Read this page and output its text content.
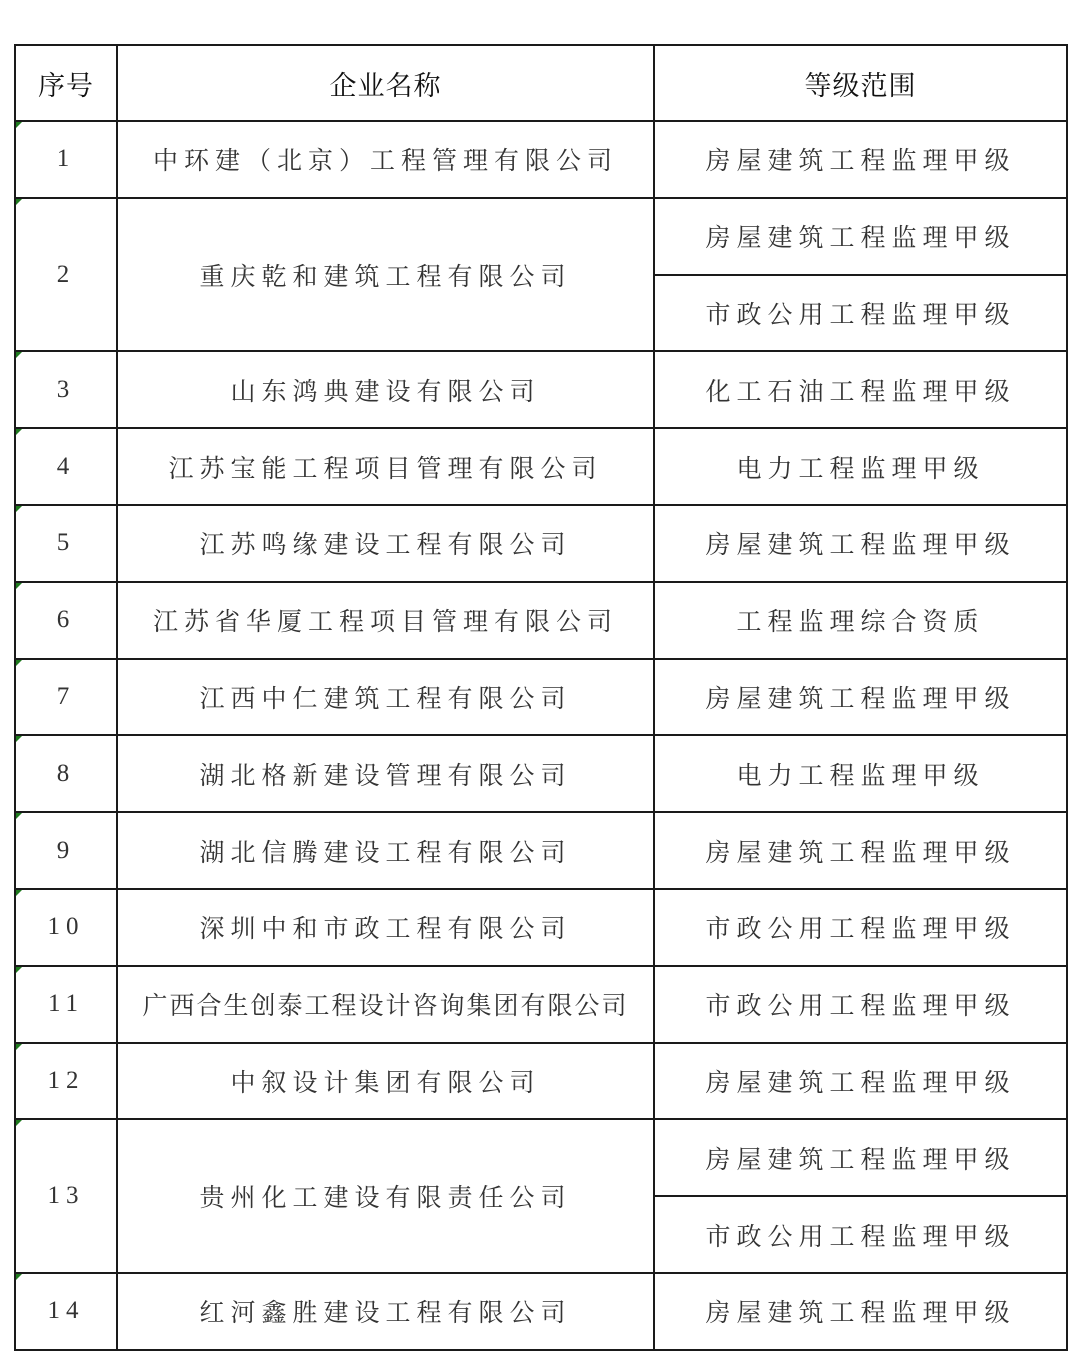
序号	企业名称	等级范围

1	中环建（北京）工程管理有限公司	房屋建筑工程监理甲级

2	重庆乾和建筑工程有限公司	房屋建筑工程监理甲级
		市政公用工程监理甲级

3	山东鸿典建设有限公司	化工石油工程监理甲级

4	江苏宝能工程项目管理有限公司	电力工程监理甲级

5	江苏鸣缘建设工程有限公司	房屋建筑工程监理甲级

6	江苏省华厦工程项目管理有限公司	工程监理综合资质

7	江西中仁建筑工程有限公司	房屋建筑工程监理甲级

8	湖北格新建设管理有限公司	电力工程监理甲级

9	湖北信腾建设工程有限公司	房屋建筑工程监理甲级

10	深圳中和市政工程有限公司	市政公用工程监理甲级

11	广西合生创泰工程设计咨询集团有限公司	市政公用工程监理甲级

12	中叙设计集团有限公司	房屋建筑工程监理甲级

13	贵州化工建设有限责任公司	房屋建筑工程监理甲级
		市政公用工程监理甲级

14	红河鑫胜建设工程有限公司	房屋建筑工程监理甲级
